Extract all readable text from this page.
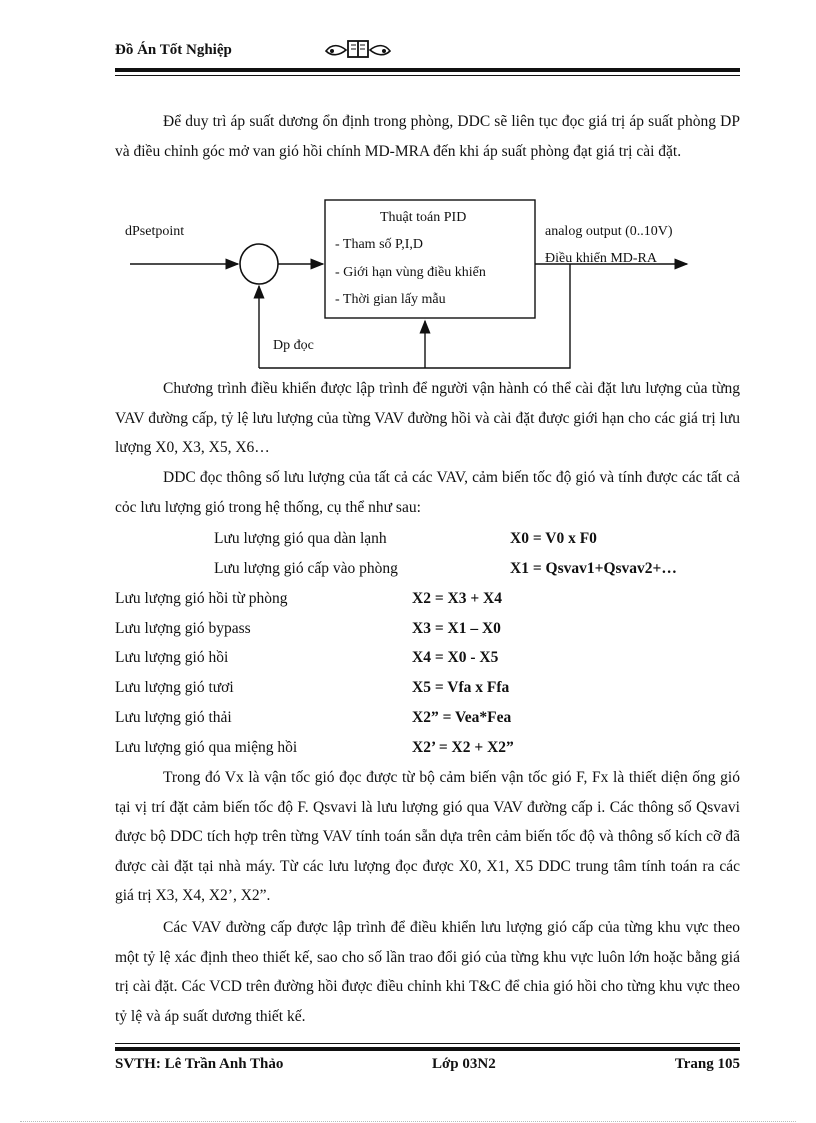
Đồ Án Tốt Nghiệp
Để duy trì áp suất dương ổn định trong phòng, DDC sẽ liên tục đọc giá trị áp suất phòng DP và điều chỉnh góc mở van gió hồi chính MD-MRA đến khi áp suất phòng đạt giá trị cài đặt.
dPsetpoint
Thuật toán PID
- Tham số P,I,D
- Giới hạn vùng điều khiển
- Thời gian lấy mẫu
analog output (0..10V)
Điều khiển MD-RA
Dp đọc
Chương trình điều khiển được lập trình để người vận hành có thể cài đặt lưu lượng của từng VAV đường cấp, tỷ lệ lưu lượng của từng VAV đường hồi và cài đặt được giới hạn cho các giá trị lưu lượng X0, X3, X5, X6…
DDC đọc thông số lưu lượng của tất cả các VAV, cảm biến tốc độ gió và tính được các tất cả cỏc lưu lượng gió trong hệ thống, cụ thể như sau:
Lưu lượng gió qua dàn lạnh	X0 = V0 x F0
Lưu lượng gió cấp vào phòng	X1 = Qsvav1+Qsvav2+…
Lưu lượng gió hồi từ phòng	X2 = X3 + X4
Lưu lượng gió bypass	X3 = X1 – X0
Lưu lượng gió hồi	X4 = X0 - X5
Lưu lượng gió tươi	X5 = Vfa x Ffa
Lưu lượng gió thải	X2” = Vea*Fea
Lưu lượng gió qua miệng hồi	X2’ = X2 + X2”
Trong đó Vx là vận tốc gió đọc được từ bộ cảm biến vận tốc gió F, Fx là thiết diện ống gió tại vị trí đặt cảm biến tốc độ F. Qsvavi là lưu lượng gió qua VAV đường cấp i. Các thông số Qsvavi được bộ DDC tích hợp trên từng VAV tính toán sẵn dựa trên cảm biến tốc độ và thông số kích cỡ đã được cài đặt tại nhà máy. Từ các lưu lượng đọc được X0, X1, X5 DDC trung tâm tính toán ra các giá trị X3, X4, X2’, X2”.
Các VAV đường cấp được lập trình để điều khiển lưu lượng gió cấp của từng khu vực theo một tỷ lệ xác định theo thiết kế, sao cho số lần trao đổi gió của từng khu vực luôn lớn hoặc bằng giá trị cài đặt. Các VCD trên đường hồi được điều chỉnh khi T&C để chia gió hồi cho từng khu vực theo tỷ lệ và áp suất dương thiết kế.
SVTH: Lê Trần Anh Thảo	Lớp 03N2	Trang 105
